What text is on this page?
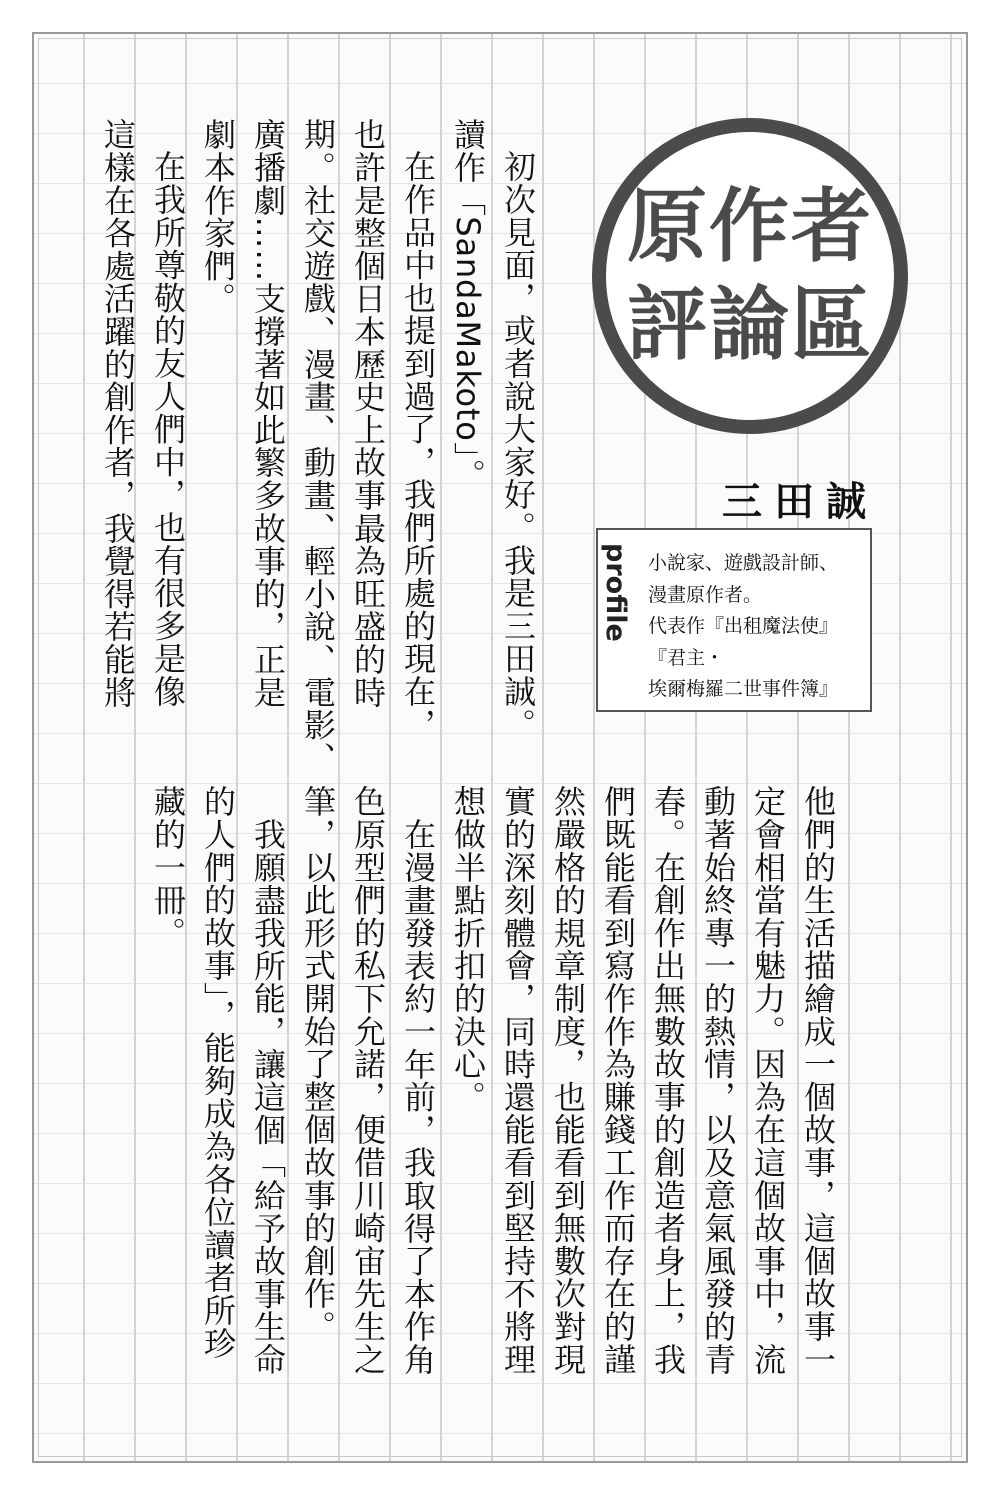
原作者
評論區
三田誠
profile 小說家、遊戲設計師、
漫畫原作者。
代表作『出租魔法使』
『君主・
埃爾梅羅二世事件簿』
初次見面，或者說大家好。我是三田誠。
讀作「SandaMakoto」。
在作品中也提到過了，我們所處的現在，
也許是整個日本歷史上故事最為旺盛的時
期。社交遊戲、漫畫、動畫、輕小說、電影、
廣播劇……支撐著如此繁多故事的，正是
劇本作家們。
在我所尊敬的友人們中，也有很多是像
這樣在各處活躍的創作者，我覺得若能將
他們的生活描繪成一個故事，這個故事一
定會相當有魅力。因為在這個故事中，流
動著始終專一的熱情，以及意氣風發的青
春。在創作出無數故事的創造者身上，我
們既能看到寫作作為賺錢工作而存在的謹
然嚴格的規章制度，也能看到無數次對現
實的深刻體會，同時還能看到堅持不將理
想做半點折扣的決心。
在漫畫發表約一年前，我取得了本作角
色原型們的私下允諾，便借川崎宙先生之
筆，以此形式開始了整個故事的創作。
我願盡我所能，讓這個「給予故事生命
的人們的故事」，能夠成為各位讀者所珍
藏的一冊。
